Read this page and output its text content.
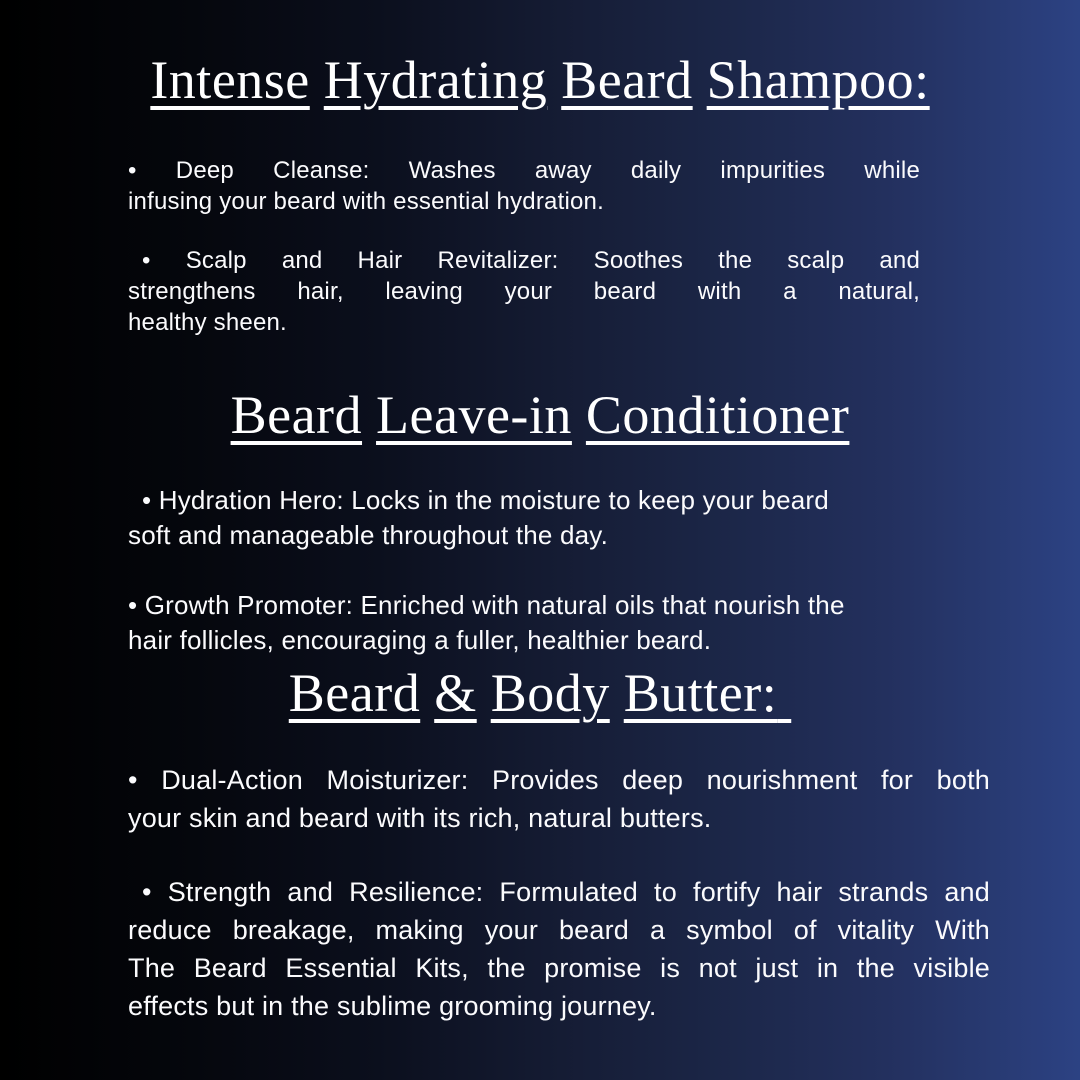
Intense Hydrating Beard Shampoo:
• Deep Cleanse: Washes away daily impurities while
infusing your beard with essential hydration.
• Scalp and Hair Revitalizer: Soothes the scalp and
strengthens hair, leaving your beard with a natural,
healthy sheen.
Beard Leave-in Conditioner
• Hydration Hero: Locks in the moisture to keep your beard
soft and manageable throughout the day.
• Growth Promoter: Enriched with natural oils that nourish the
hair follicles, encouraging a fuller, healthier beard.
Beard & Body Butter:
• Dual-Action Moisturizer: Provides deep nourishment for both
your skin and beard with its rich, natural butters.
• Strength and Resilience: Formulated to fortify hair strands and
reduce breakage, making your beard a symbol of vitality With
The Beard Essential Kits, the promise is not just in the visible
effects but in the sublime grooming journey.
